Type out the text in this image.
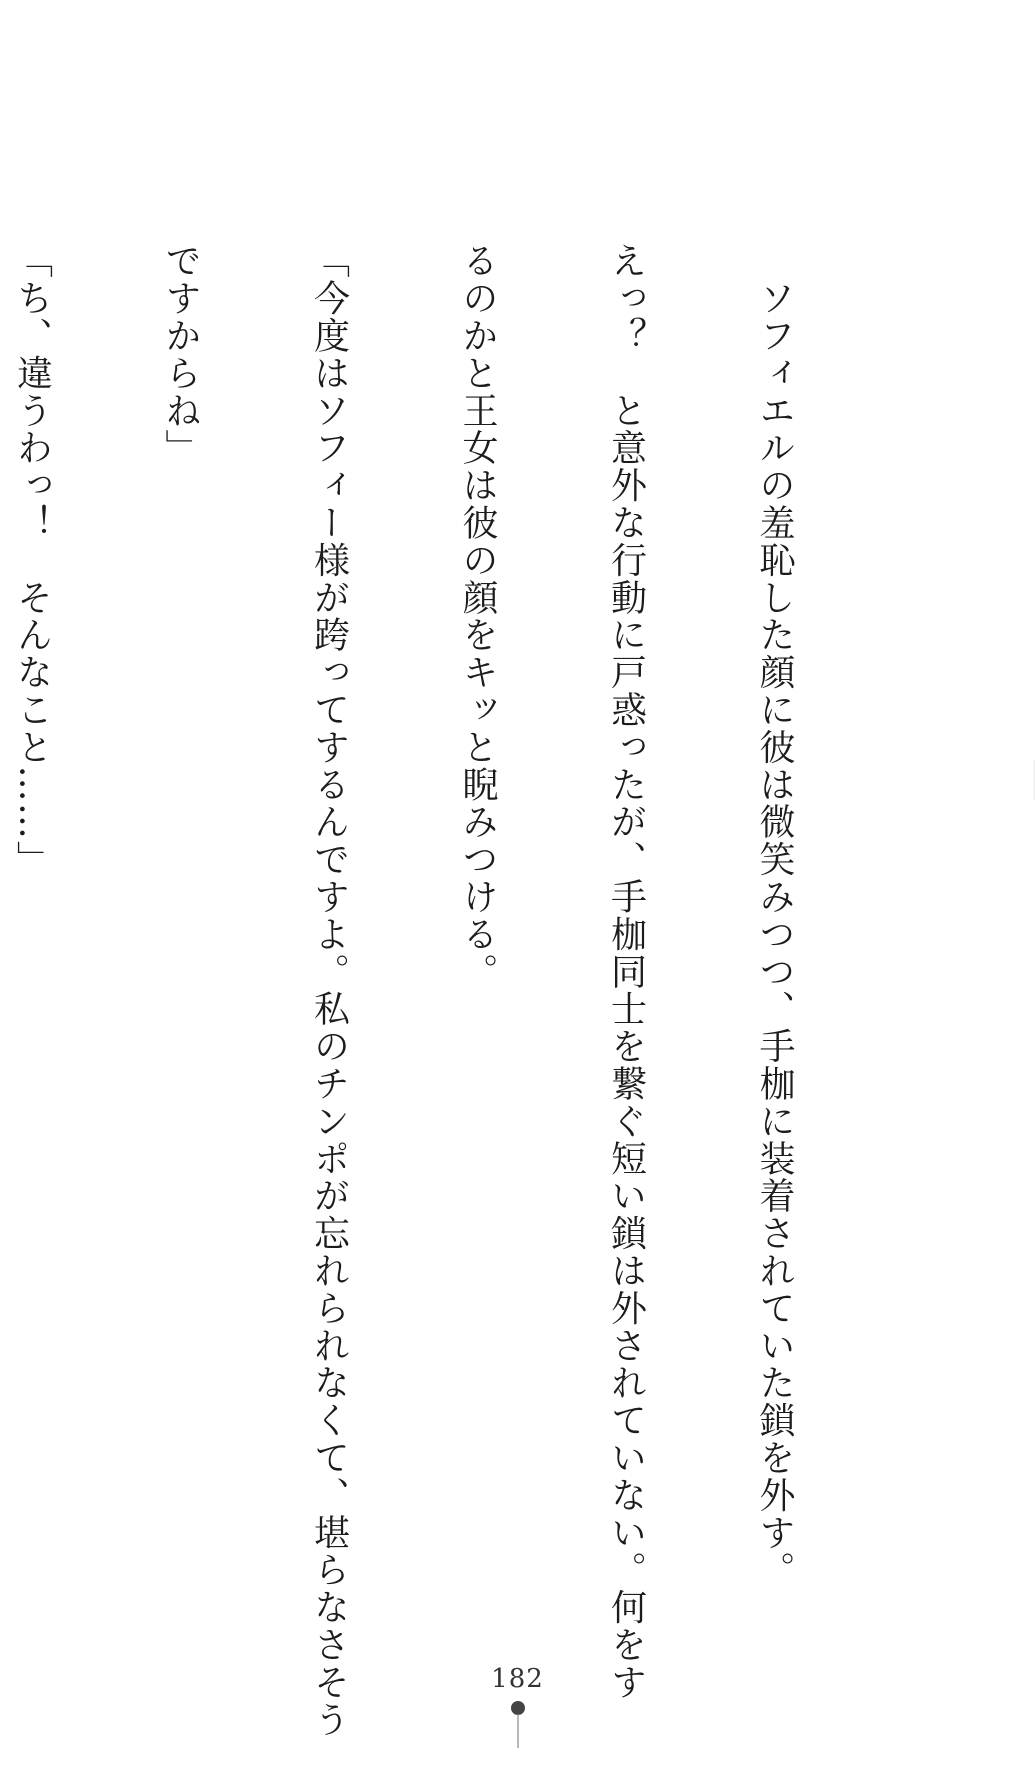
　ソフィエルの羞恥した顔に彼は微笑みつつ、手枷に装着されていた鎖を外す。

えっ？　と意外な行動に戸惑ったが、手枷同士を繋ぐ短い鎖は外されていない。何をす

るのかと王女は彼の顔をキッと睨みつける。

「今度はソフィー様が跨ってするんですよ。私のチンポが忘れられなくて、堪らなさそう

ですからね」

「ち、違うわっ！　そんなこと……」

182
